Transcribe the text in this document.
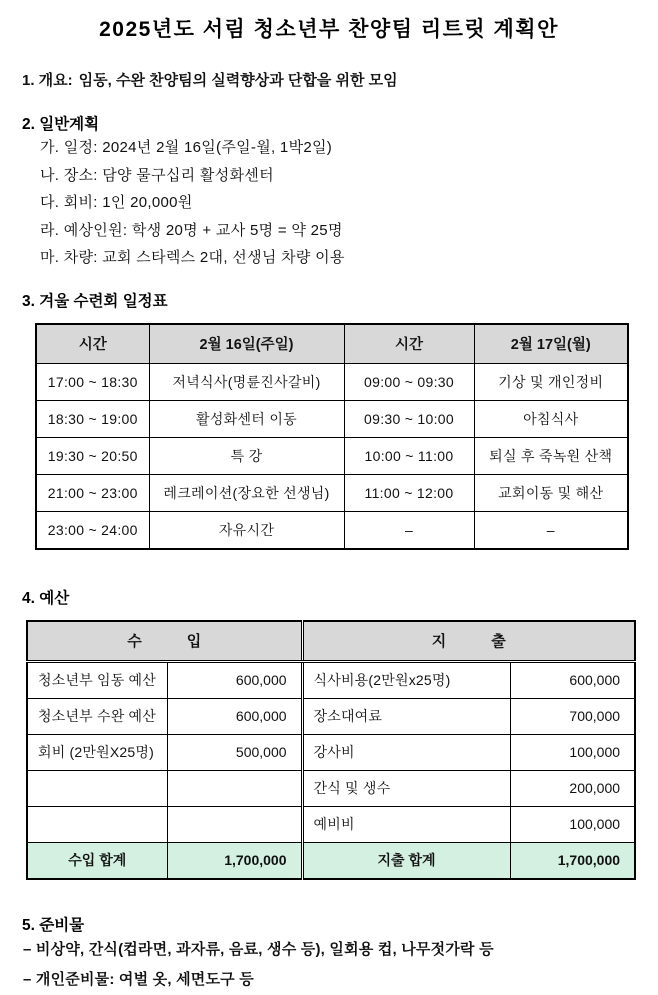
2025년도 서림 청소년부 찬양팀 리트릿 계획안
1. 개요: 임동, 수완 찬양팀의 실력향상과 단합을 위한 모임
2. 일반계획
가. 일정: 2024년 2월 16일(주일-월, 1박2일)
나. 장소: 담양 물구십리 활성화센터
다. 회비: 1인 20,000원
라. 예상인원: 학생 20명 + 교사 5명 = 약 25명
마. 차량: 교회 스타렉스 2대, 선생님 차량 이용
3. 겨울 수련회 일정표
시간	2월 16일(주일)	시간	2월 17일(월)
17:00 ~ 18:30	저녁식사(명륜진사갈비)	09:00 ~ 09:30	기상 및 개인정비
18:30 ~ 19:00	활성화센터 이동	09:30 ~ 10:00	아침식사
19:30 ~ 20:50	특 강	10:00 ~ 11:00	퇴실 후 죽녹원 산책
21:00 ~ 23:00	레크레이션(장요한 선생님)	11:00 ~ 12:00	교회이동 및 해산
23:00 ~ 24:00	자유시간	–	–
4. 예산
수　　　입		지　　　출	
청소년부 임동 예산	600,000	식사비용(2만원x25명)	600,000
청소년부 수완 예산	600,000	장소대여료	700,000
회비 (2만원X25명)	500,000	강사비	100,000
		간식 및 생수	200,000
		예비비	100,000
수입 합계	1,700,000	지출 합계	1,700,000
5. 준비물
– 비상약, 간식(컵라면, 과자류, 음료, 생수 등), 일회용 컵, 나무젓가락 등
– 개인준비물: 여벌 옷, 세면도구 등
